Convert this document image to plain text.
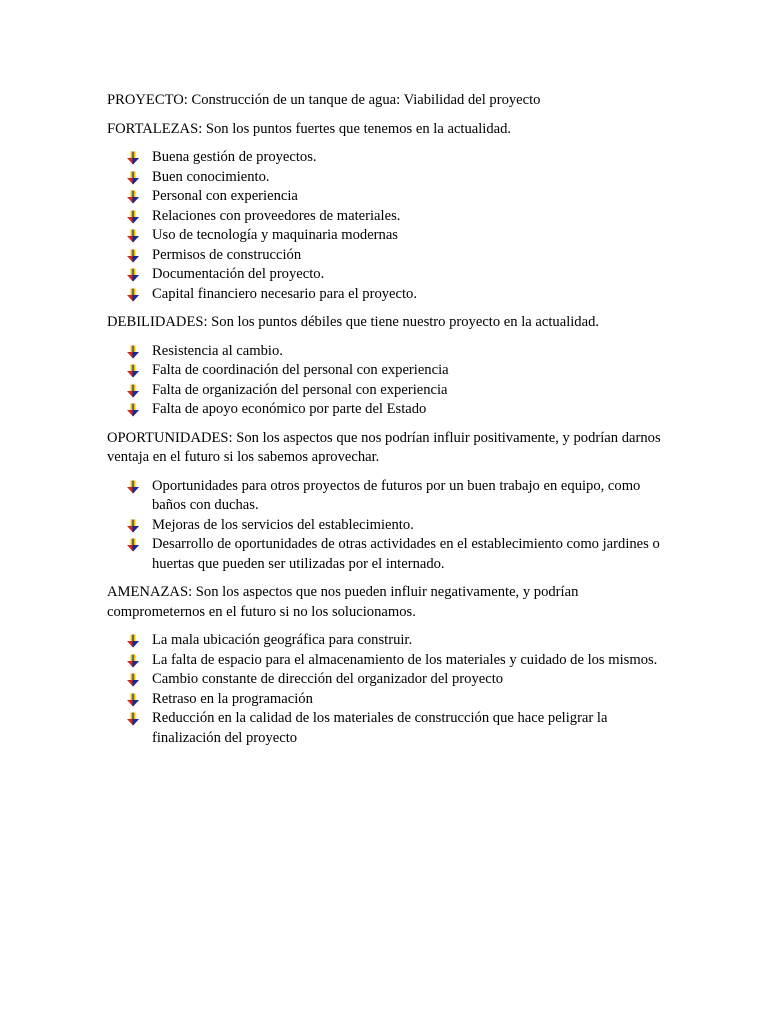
PROYECTO: Construcción de un tanque de agua: Viabilidad del proyecto

FORTALEZAS: Son los puntos fuertes que tenemos en la actualidad.

Buena gestión de proyectos.
Buen conocimiento.
Personal con experiencia
Relaciones con proveedores de materiales.
Uso de tecnología y maquinaria modernas
Permisos de construcción
Documentación del proyecto.
Capital financiero necesario para el proyecto.

DEBILIDADES: Son los puntos débiles que tiene nuestro proyecto en la actualidad.

Resistencia al cambio.
Falta de coordinación del personal con experiencia
Falta de organización del personal con experiencia
Falta de apoyo económico por parte del Estado

OPORTUNIDADES: Son los aspectos que nos podrían influir positivamente, y podrían darnos ventaja en el futuro si los sabemos aprovechar.

Oportunidades para otros proyectos de futuros por un buen trabajo en equipo, como baños con duchas.
Mejoras de los servicios del establecimiento.
Desarrollo de oportunidades de otras actividades en el establecimiento como jardines o huertas que pueden ser utilizadas por el internado.

AMENAZAS: Son los aspectos que nos pueden influir negativamente, y podrían comprometernos en el futuro si no los solucionamos.

La mala ubicación geográfica para construir.
La falta de espacio para el almacenamiento de los materiales y cuidado de los mismos.
Cambio constante de dirección del organizador del proyecto
Retraso en la programación
Reducción en la calidad de los materiales de construcción que hace peligrar la finalización del proyecto
